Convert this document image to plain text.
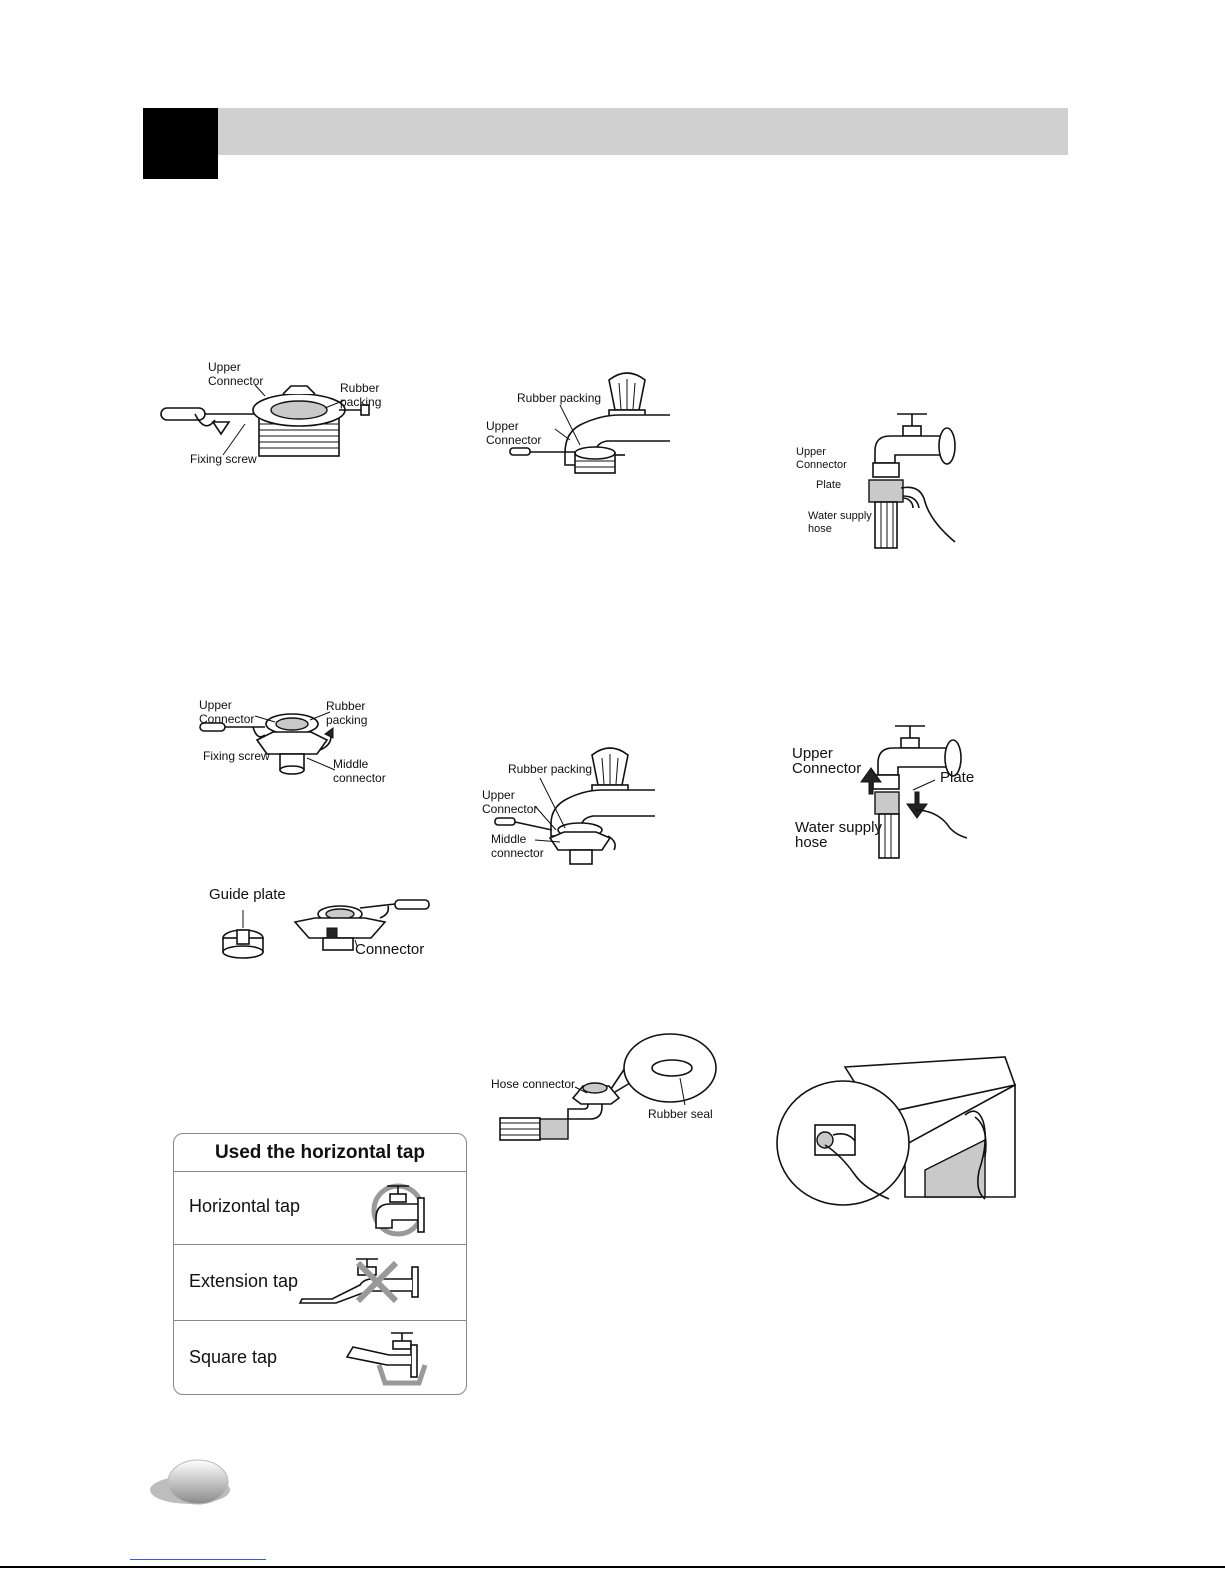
Upper
Connector	Rubber
packing
Fixing screw
Rubber packing
Upper
Connector
Upper
Connector
Plate
Water supply
hose
Upper
Connector
Rubber
packing
Fixing screw
Middle
connector
Rubber packing
Upper
Connector
Middle
connector
Upper
Connector
Plate
Water supply
hose
Guide plate
Connector
Hose connector
Rubber seal
Used the horizontal tap
Horizontal tap
Extension tap
Square tap
